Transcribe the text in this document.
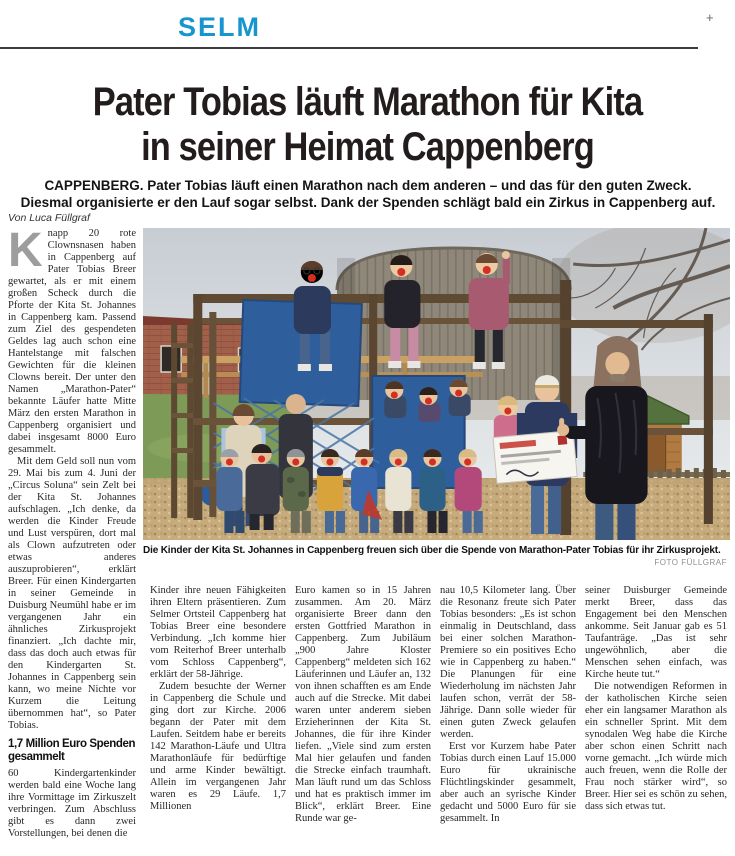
SELM	+
Pater Tobias läuft Marathon für Kita
in seiner Heimat Cappenberg
CAPPENBERG. Pater Tobias läuft einen Marathon nach dem anderen – und das für den guten Zweck.
Diesmal organisierte er den Lauf sogar selbst. Dank der Spenden schlägt bald ein Zirkus in Cappenberg auf.
Von Luca Füllgraf

Knapp 20 rote Clownsnasen haben in Cappenberg auf Pater Tobias Breer gewartet, als er mit einem großen Scheck durch die Pforte der Kita St. Johannes in Cappenberg kam. Passend zum Ziel des gespendeten Geldes lag auch schon eine Hantelstange mit falschen Gewichten für die kleinen Clowns bereit. Der unter den Namen „Marathon-Pater“ bekannte Läufer hatte Mitte März den ersten Marathon in Cappenberg organisiert und dabei insgesamt 8000 Euro gesammelt.

Mit dem Geld soll nun vom 29. Mai bis zum 4. Juni der „Circus Soluna“ sein Zelt bei der Kita St. Johannes aufschlagen. „Ich denke, da werden die Kinder Freude und Lust verspüren, dort mal als Clown aufzutreten oder etwas anderes auszuprobieren“, erklärt Breer. Für einen Kindergarten in seiner Gemeinde in Duisburg Neumühl habe er im vergangenen Jahr ein ähnliches Zirkusprojekt finanziert. „Ich dachte mir, dass das doch auch etwas für den Kindergarten St. Johannes in Cappenberg sein kann, wo meine Nichte vor Kurzem die Leitung übernommen hat“, so Pater Tobias.

1,7 Million Euro Spenden gesammelt

60 Kindergartenkinder werden bald eine Woche lang ihre Vormittage im Zirkuszelt verbringen. Zum Abschluss gibt es dann zwei Vorstellungen, bei denen die

Die Kinder der Kita St. Johannes in Cappenberg freuen sich über die Spende von Marathon-Pater Tobias für ihr Zirkusprojekt.
FOTO FÜLLGRAF

Kinder ihre neuen Fähigkeiten ihren Eltern präsentieren. Zum Selmer Ortsteil Cappenberg hat Tobias Breer eine besondere Verbindung. „Ich komme hier vom Reiterhof Breer unterhalb vom Schloss Cappenberg“, erklärt der 58-Jährige.

Zudem besuchte der Werner in Cappenberg die Schule und ging dort zur Kirche. 2006 begann der Pater mit dem Laufen. Seitdem habe er bereits 142 Marathon-Läufe und Ultra Marathonläufe für bedürftige und arme Kinder bewältigt. Allein im vergangenen Jahr waren es 29 Läufe. 1,7 Millionen

Euro kamen so in 15 Jahren zusammen. Am 20. März organisierte Breer dann den ersten Gottfried Marathon in Cappenberg. Zum Jubiläum „900 Jahre Kloster Cappenberg“ meldeten sich 162 Läuferinnen und Läufer an, 132 von ihnen schafften es am Ende auch auf die Strecke. Mit dabei waren unter anderem sieben Erzieherinnen der Kita St. Johannes, die für ihre Kinder liefen. „Viele sind zum ersten Mal hier gelaufen und fanden die Strecke einfach traumhaft. Man läuft rund um das Schloss und hat es praktisch immer im Blick“, erklärt Breer. Eine Runde war ge-

nau 10,5 Kilometer lang. Über die Resonanz freute sich Pater Tobias besonders: „Es ist schon einmalig in Deutschland, dass bei einer solchen Marathon-Premiere so ein positives Echo wie in Cappenberg zu haben.“ Die Planungen für eine Wiederholung im nächsten Jahr laufen schon, verrät der 58-Jährige. Dann solle wieder für einen guten Zweck gelaufen werden.

Erst vor Kurzem habe Pater Tobias durch einen Lauf 15.000 Euro für ukrainische Flüchtlingskinder gesammelt, aber auch an syrische Kinder gedacht und 5000 Euro für sie gesammelt. In

seiner Duisburger Gemeinde merkt Breer, dass das Engagement bei den Menschen ankomme. Seit Januar gab es 51 Taufanträge. „Das ist sehr ungewöhnlich, aber die Menschen sehen einfach, was Kirche heute tut.“

Die notwendigen Reformen in der katholischen Kirche seien eher ein langsamer Marathon als ein schneller Sprint. Mit dem synodalen Weg habe die Kirche aber schon einen Schritt nach vorne gemacht. „Ich würde mich auch freuen, wenn die Rolle der Frau noch stärker wird“, so Breer. Hier sei es schön zu sehen, dass sich etwas tut.
